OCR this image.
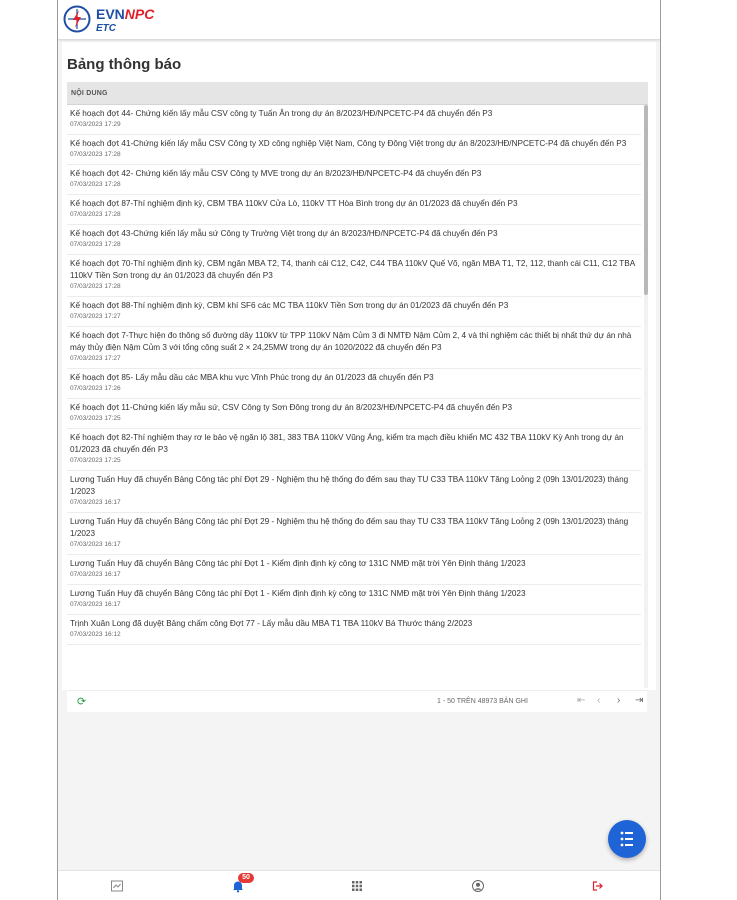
EVNNPC
ETC
Bảng thông báo
NỘI DUNG
Kế hoạch đợt 44- Chứng kiến lấy mẫu CSV công ty Tuấn Ân trong dự án 8/2023/HĐ/NPCETC-P4 đã chuyển đến P3
07/03/2023 17:29
Kế hoạch đợt 41-Chứng kiến lấy mẫu CSV Công ty XD công nghiệp Việt Nam, Công ty Đông Việt trong dự án 8/2023/HĐ/NPCETC-P4 đã chuyển đến P3
07/03/2023 17:28
Kế hoạch đợt 42- Chứng kiến lấy mẫu CSV Công ty MVE trong dự án 8/2023/HĐ/NPCETC-P4 đã chuyển đến P3
07/03/2023 17:28
Kế hoạch đợt 87-Thí nghiệm định kỳ, CBM TBA 110kV Cửa Lò, 110kV TT Hòa Bình trong dự án 01/2023 đã chuyển đến P3
07/03/2023 17:28
Kế hoạch đợt 43-Chứng kiến lấy mẫu sứ Công ty Trường Việt trong dự án 8/2023/HĐ/NPCETC-P4 đã chuyển đến P3
07/03/2023 17:28
Kế hoạch đợt 70-Thí nghiệm định kỳ, CBM ngăn MBA T2, T4, thanh cái C12, C42, C44 TBA 110kV Quế Võ, ngăn MBA T1, T2, 112, thanh cái C11, C12 TBA 110kV Tiền Sơn trong dự án 01/2023 đã chuyển đến P3
07/03/2023 17:28
Kế hoạch đợt 88-Thí nghiệm định kỳ, CBM khí SF6 các MC TBA 110kV Tiền Sơn trong dự án 01/2023 đã chuyển đến P3
07/03/2023 17:27
Kế hoạch đợt 7-Thực hiện đo thông số đường dây 110kV từ TPP 110kV Nậm Củm 3 đi NMTĐ Nậm Củm 2, 4 và thí nghiệm các thiết bị nhất thứ dự án nhà máy thủy điện Nậm Củm 3 với tổng công suất 2 × 24,25MW trong dự án 1020/2022 đã chuyển đến P3
07/03/2023 17:27
Kế hoạch đợt 85- Lấy mẫu dầu các MBA khu vực Vĩnh Phúc trong dự án 01/2023 đã chuyển đến P3
07/03/2023 17:26
Kế hoạch đợt 11-Chứng kiến lấy mẫu sứ, CSV Công ty Sơn Đông trong dự án 8/2023/HĐ/NPCETC-P4 đã chuyển đến P3
07/03/2023 17:25
Kế hoạch đợt 82-Thí nghiệm thay rơ le bảo vệ ngăn lộ 381, 383 TBA 110kV Vũng Áng, kiểm tra mạch điều khiển MC 432 TBA 110kV Kỳ Anh trong dự án 01/2023 đã chuyển đến P3
07/03/2023 17:25
Lương Tuấn Huy đã chuyển Bảng Công tác phí Đợt 29 - Nghiệm thu hệ thống đo đếm sau thay TU C33 TBA 110kV Tăng Loỏng 2 (09h 13/01/2023) tháng 1/2023
07/03/2023 16:17
Lương Tuấn Huy đã chuyển Bảng Công tác phí Đợt 29 - Nghiệm thu hệ thống đo đếm sau thay TU C33 TBA 110kV Tăng Loỏng 2 (09h 13/01/2023) tháng 1/2023
07/03/2023 16:17
Lương Tuấn Huy đã chuyển Bảng Công tác phí Đợt 1 - Kiểm định định kỳ công tơ 131C NMĐ mặt trời Yên Định tháng 1/2023
07/03/2023 16:17
Lương Tuấn Huy đã chuyển Bảng Công tác phí Đợt 1 - Kiểm định định kỳ công tơ 131C NMĐ mặt trời Yên Định tháng 1/2023
07/03/2023 16:17
Trịnh Xuân Long đã duyệt Bảng chấm công Đợt 77 - Lấy mẫu dầu MBA T1 TBA 110kV Bá Thước tháng 2/2023
07/03/2023 16:12
⟳	1 - 50 TRÊN 48973 BẢN GHI	⇤ ‹ › ⇥
50
